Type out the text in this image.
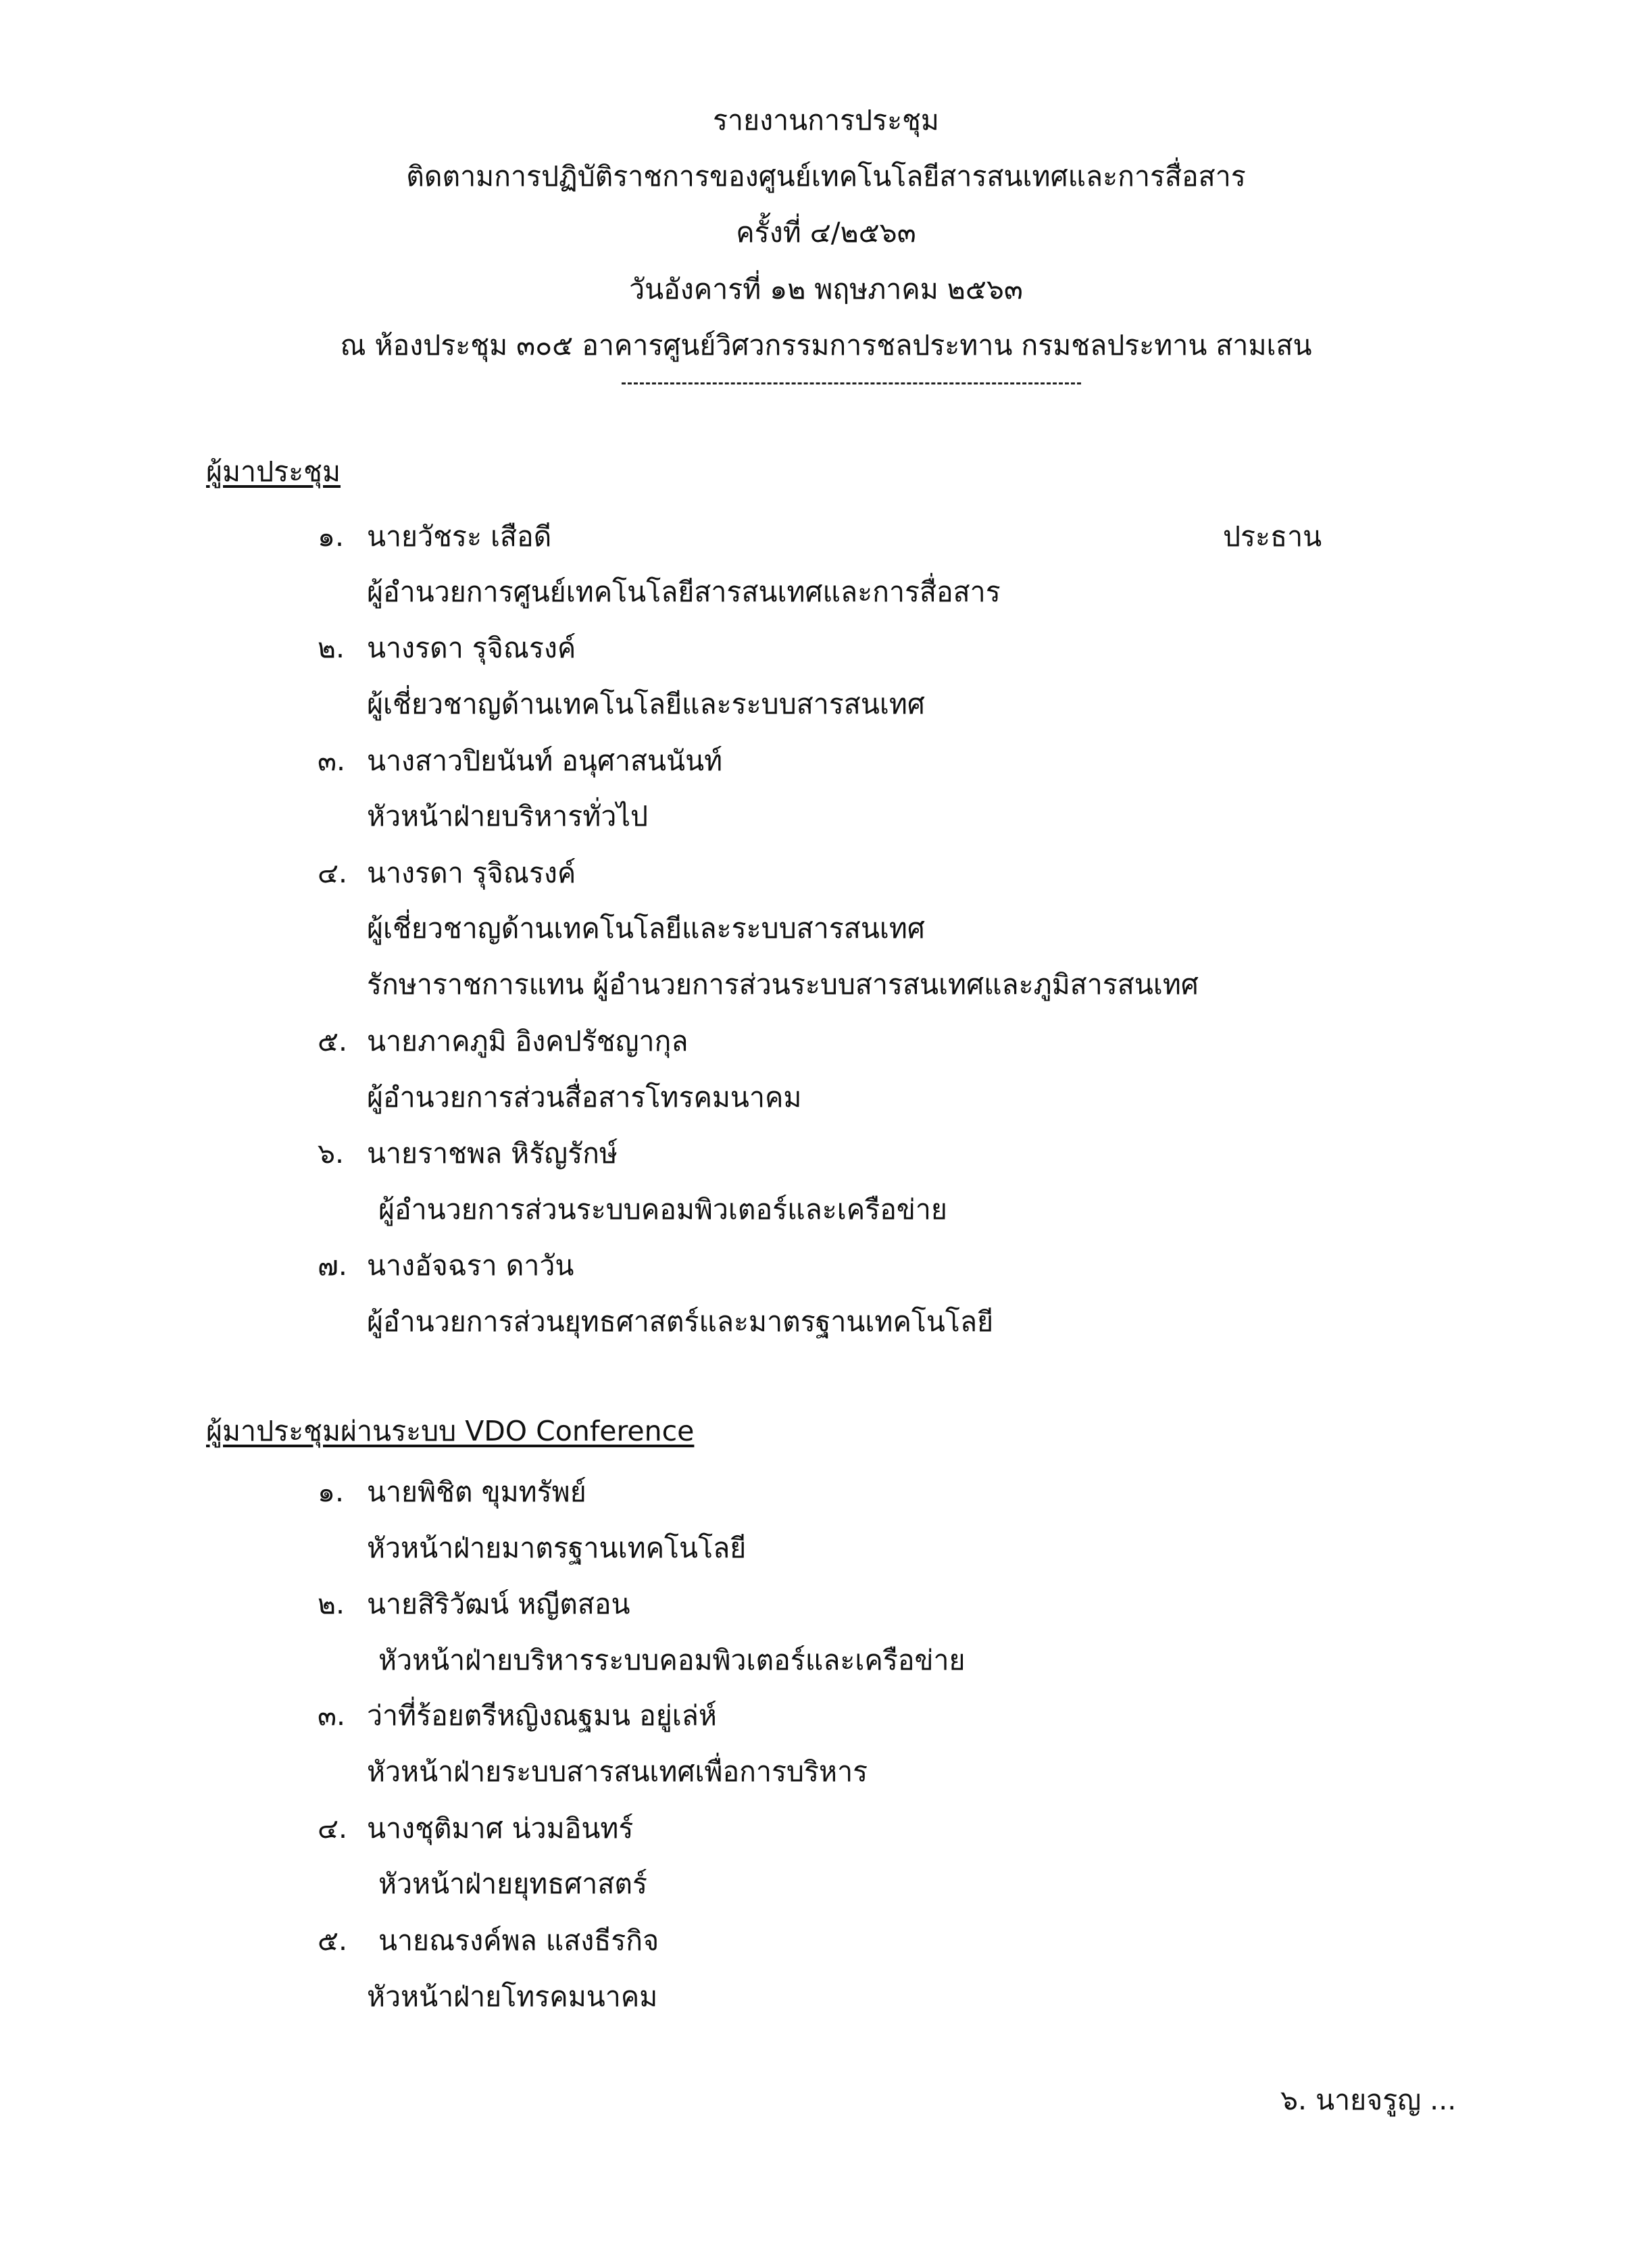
รายงานการประชุม
ติดตามการปฏิบัติราชการของศูนย์เทคโนโลยีสารสนเทศและการสื่อสาร
ครั้งที่ ๔/๒๕๖๓
วันอังคารที่ ๑๒ พฤษภาคม ๒๕๖๓
ณ ห้องประชุม ๓๐๕ อาคารศูนย์วิศวกรรมการชลประทาน กรมชลประทาน สามเสน
ผู้มาประชุม
๑. นายวัชระ เสือดี	ประธาน
ผู้อำนวยการศูนย์เทคโนโลยีสารสนเทศและการสื่อสาร
๒. นางรดา รุจิณรงค์
ผู้เชี่ยวชาญด้านเทคโนโลยีและระบบสารสนเทศ
๓. นางสาวปิยนันท์ อนุศาสนนันท์
หัวหน้าฝ่ายบริหารทั่วไป
๔. นางรดา รุจิณรงค์
ผู้เชี่ยวชาญด้านเทคโนโลยีและระบบสารสนเทศ
รักษาราชการแทน ผู้อำนวยการส่วนระบบสารสนเทศและภูมิสารสนเทศ
๕. นายภาคภูมิ อิงคปรัชญากุล
ผู้อำนวยการส่วนสื่อสารโทรคมนาคม
๖. นายราชพล หิรัญรักษ์
ผู้อำนวยการส่วนระบบคอมพิวเตอร์และเครือข่าย
๗. นางอัจฉรา ดาวัน
ผู้อำนวยการส่วนยุทธศาสตร์และมาตรฐานเทคโนโลยี
ผู้มาประชุมผ่านระบบ VDO Conference
๑. นายพิชิต ขุมทรัพย์
หัวหน้าฝ่ายมาตรฐานเทคโนโลยี
๒. นายสิริวัฒน์ หญีตสอน
หัวหน้าฝ่ายบริหารระบบคอมพิวเตอร์และเครือข่าย
๓. ว่าที่ร้อยตรีหญิงณฐมน อยู่เล่ห์
หัวหน้าฝ่ายระบบสารสนเทศเพื่อการบริหาร
๔. นางชุติมาศ น่วมอินทร์
หัวหน้าฝ่ายยุทธศาสตร์
๕. นายณรงค์พล แสงธีรกิจ
หัวหน้าฝ่ายโทรคมนาคม
๖. นายจรูญ ...
